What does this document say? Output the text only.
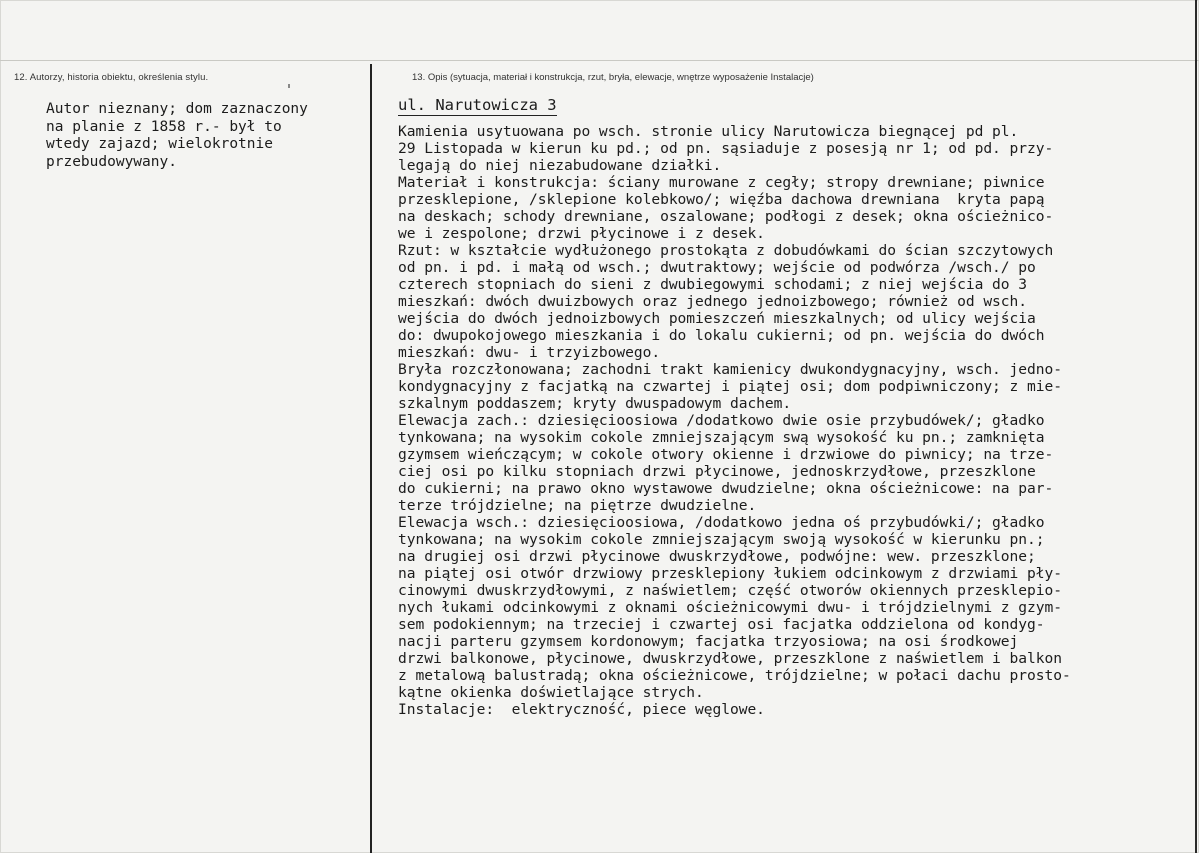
12. Autorzy, historia obiektu, określenia stylu.	13. Opis (sytuacja, materiał i konstrukcja, rzut, bryła, elewacje, wnętrze wyposażenie Instalacje)
Autor nieznany; dom zaznaczony
na planie z 1858 r.- był to
wtedy zajazd; wielokrotnie
przebudowywany.
ul. Narutowicza 3
Kamienia usytuowana po wsch. stronie ulicy Narutowicza biegnącej pd pl.
29 Listopada w kierun ku pd.; od pn. sąsiaduje z posesją nr 1; od pd. przy-
legają do niej niezabudowane działki.
Materiał i konstrukcja: ściany murowane z cegły; stropy drewniane; piwnice
przesklepione, /sklepione kolebkowo/; więźba dachowa drewniana  kryta papą
na deskach; schody drewniane, oszalowane; podłogi z desek; okna ościeżnico-
we i zespolone; drzwi płycinowe i z desek.
Rzut: w kształcie wydłużonego prostokąta z dobudówkami do ścian szczytowych
od pn. i pd. i małą od wsch.; dwutraktowy; wejście od podwórza /wsch./ po
czterech stopniach do sieni z dwubiegowymi schodami; z niej wejścia do 3
mieszkań: dwóch dwuizbowych oraz jednego jednoizbowego; również od wsch.
wejścia do dwóch jednoizbowych pomieszczeń mieszkalnych; od ulicy wejścia
do: dwupokojowego mieszkania i do lokalu cukierni; od pn. wejścia do dwóch
mieszkań: dwu- i trzyizbowego.
Bryła rozczłonowana; zachodni trakt kamienicy dwukondygnacyjny, wsch. jedno-
kondygnacyjny z facjatką na czwartej i piątej osi; dom podpiwniczony; z mie-
szkalnym poddaszem; kryty dwuspadowym dachem.
Elewacja zach.: dziesięcioosiowa /dodatkowo dwie osie przybudówek/; gładko
tynkowana; na wysokim cokole zmniejszającym swą wysokość ku pn.; zamknięta
gzymsem wieńczącym; w cokole otwory okienne i drzwiowe do piwnicy; na trze-
ciej osi po kilku stopniach drzwi płycinowe, jednoskrzydłowe, przeszklone
do cukierni; na prawo okno wystawowe dwudzielne; okna ościeżnicowe: na par-
terze trójdzielne; na piętrze dwudzielne.
Elewacja wsch.: dziesięcioosiowa, /dodatkowo jedna oś przybudówki/; gładko
tynkowana; na wysokim cokole zmniejszającym swoją wysokość w kierunku pn.;
na drugiej osi drzwi płycinowe dwuskrzydłowe, podwójne: wew. przeszklone;
na piątej osi otwór drzwiowy przesklepiony łukiem odcinkowym z drzwiami pły-
cinowymi dwuskrzydłowymi, z naświetlem; część otworów okiennych przesklepio-
nych łukami odcinkowymi z oknami ościeżnicowymi dwu- i trójdzielnymi z gzym-
sem podokiennym; na trzeciej i czwartej osi facjatka oddzielona od kondyg-
nacji parteru gzymsem kordonowym; facjatka trzyosiowa; na osi środkowej
drzwi balkonowe, płycinowe, dwuskrzydłowe, przeszklone z naświetlem i balkon
z metalową balustradą; okna ościeżnicowe, trójdzielne; w połaci dachu prosto-
kątne okienka doświetlające strych.
Instalacje:  elektryczność, piece węglowe.
